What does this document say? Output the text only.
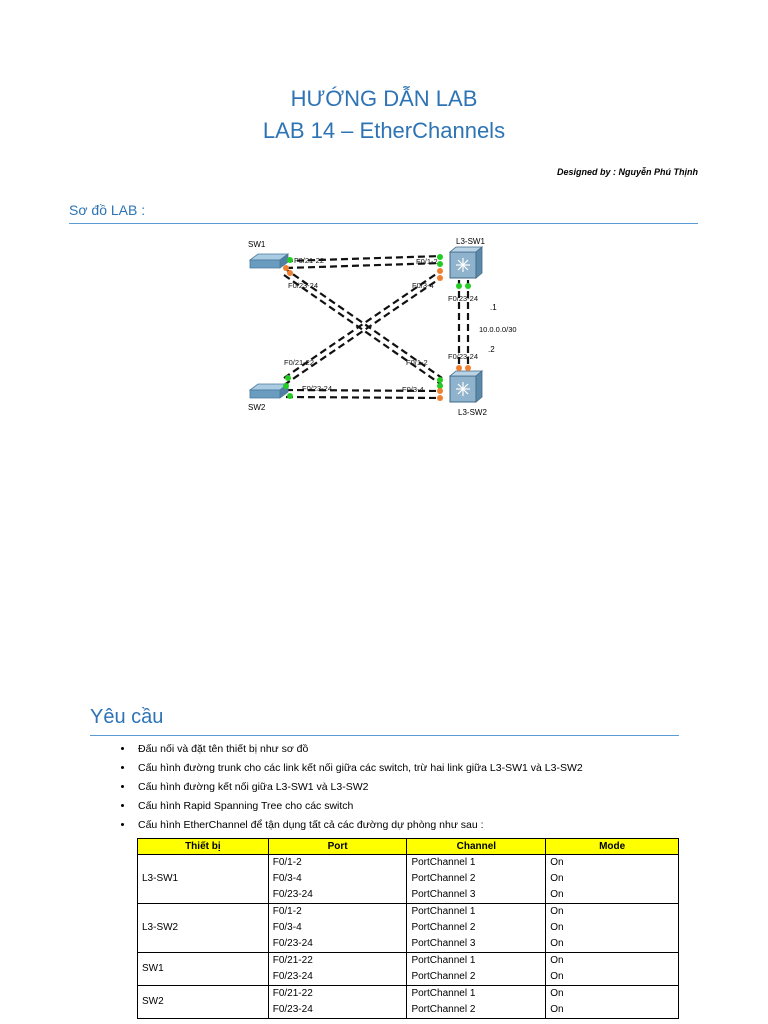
HƯỚNG DẪN LAB
LAB 14 – EtherChannels
Designed by : Nguyễn Phú Thịnh
Sơ đồ LAB :
SW1
SW2
L3-SW1
L3-SW2
F0/21-22
F0/23-24
F0/1-2
F0/3-4
F0/23-24
F0/21-22
F0/23-24
F0/1-2
F0/3-4
F0/23-24
10.0.0.0/30
.1
.2
Yêu cầu
• Đấu nối và đặt tên thiết bị như sơ đồ
• Cấu hình đường trunk cho các link kết nối giữa các switch, trừ hai link giữa L3-SW1 và L3-SW2
• Cấu hình đường kết nối giữa L3-SW1 và L3-SW2
• Cấu hình Rapid Spanning Tree cho các switch
• Cấu hình EtherChannel để tận dụng tất cả các đường dự phòng như sau :
Thiết bị	Port	Channel	Mode
L3-SW1	F0/1-2	PortChannel 1	On
	F0/3-4	PortChannel 2	On
	F0/23-24	PortChannel 3	On
L3-SW2	F0/1-2	PortChannel 1	On
	F0/3-4	PortChannel 2	On
	F0/23-24	PortChannel 3	On
SW1	F0/21-22	PortChannel 1	On
	F0/23-24	PortChannel 2	On
SW2	F0/21-22	PortChannel 1	On
	F0/23-24	PortChannel 2	On
